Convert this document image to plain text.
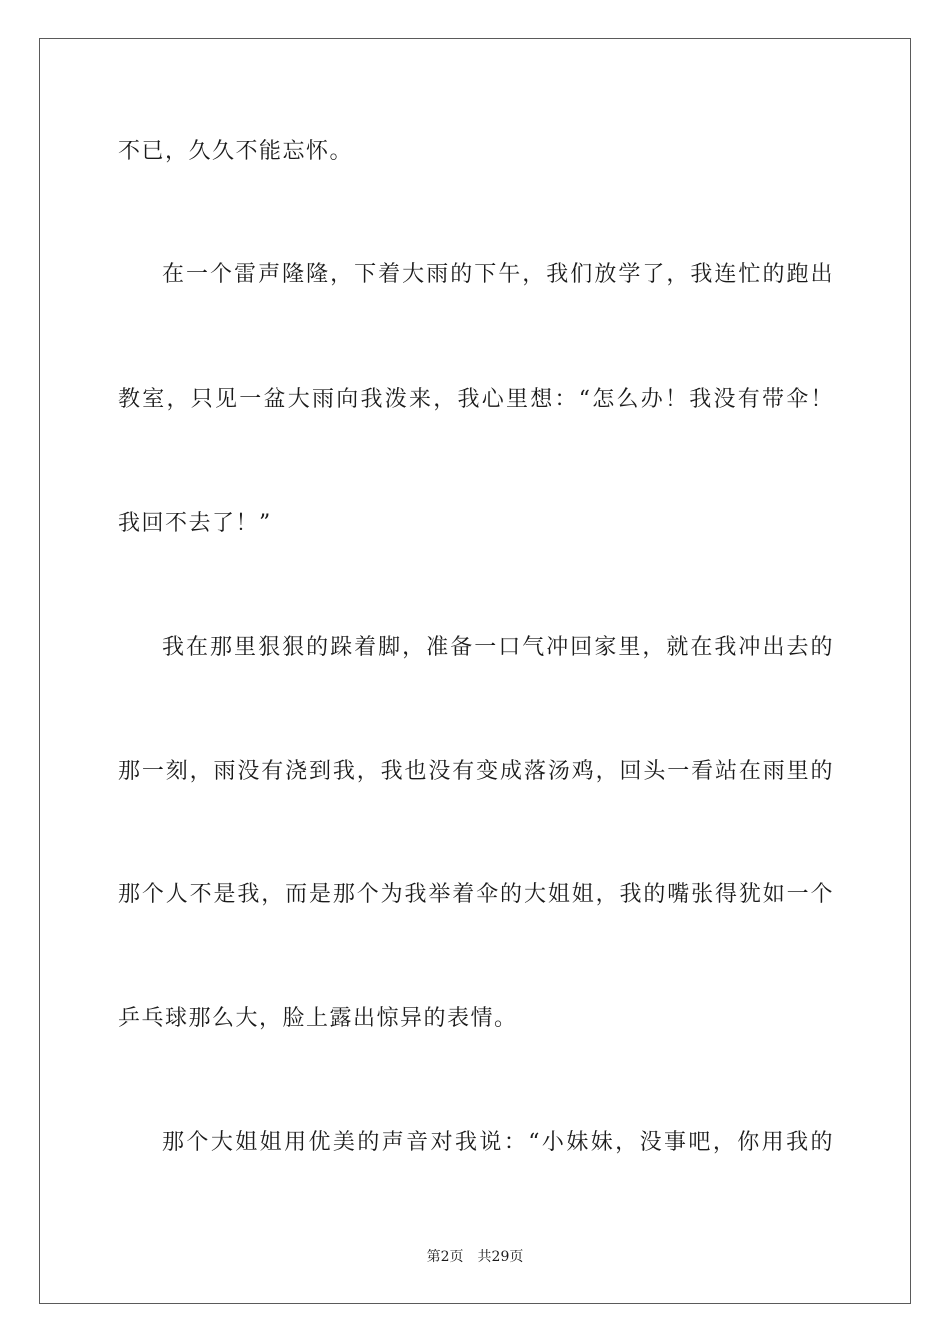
不已，久久不能忘怀。
在一个雷声隆隆，下着大雨的下午，我们放学了，我连忙的跑出
教室，只见一盆大雨向我泼来，我心里想：“怎么办！我没有带伞！
我回不去了！”
我在那里狠狠的跺着脚，准备一口气冲回家里，就在我冲出去的
那一刻，雨没有浇到我，我也没有变成落汤鸡，回头一看站在雨里的
那个人不是我，而是那个为我举着伞的大姐姐，我的嘴张得犹如一个
乒乓球那么大，脸上露出惊异的表情。
那个大姐姐用优美的声音对我说：“小妹妹，没事吧，你用我的
第2页 共29页
